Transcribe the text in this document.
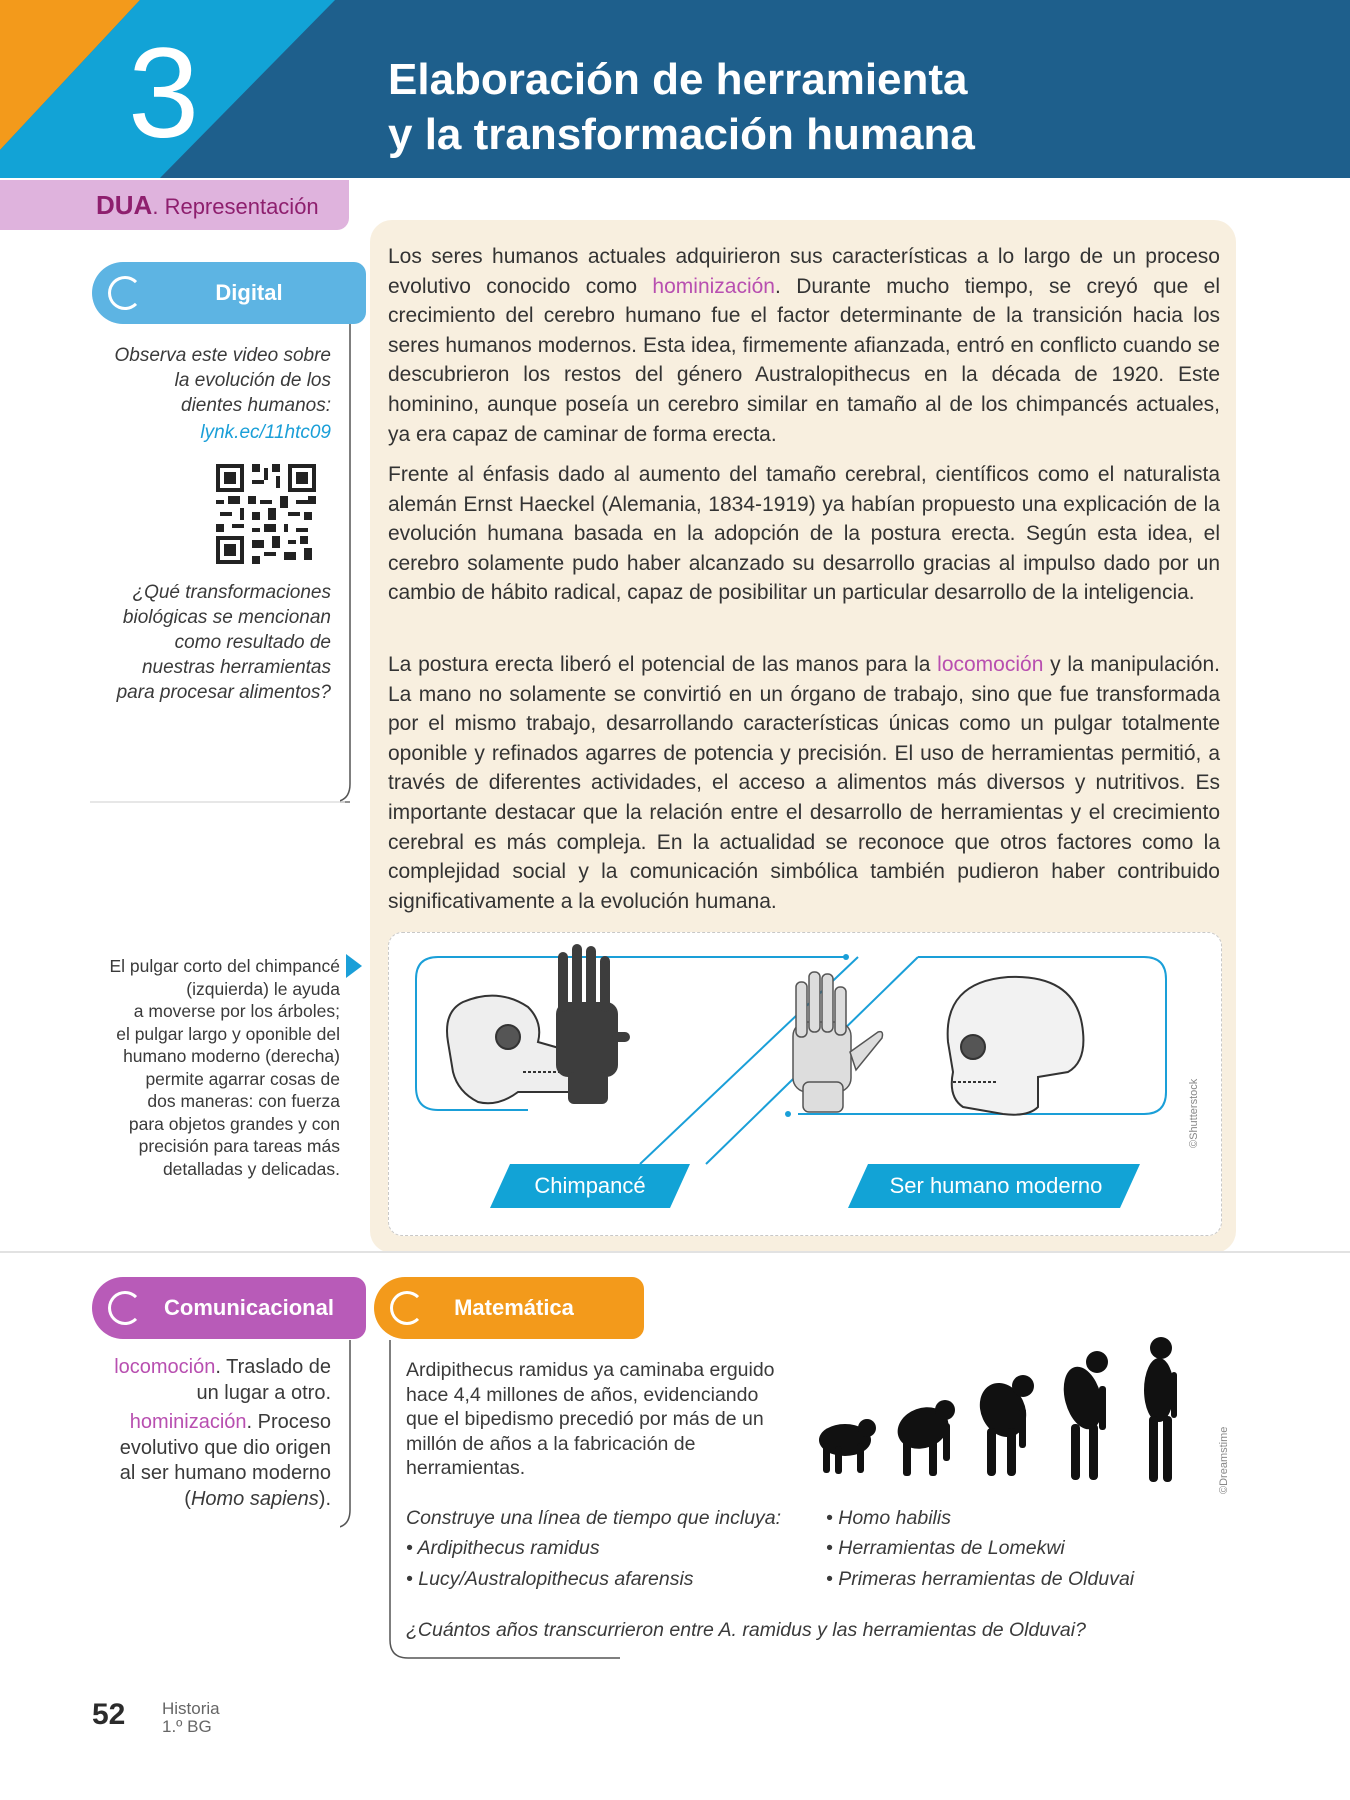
3	Elaboración de herramienta
y la transformación humana
DUA. Representación
Digital
Observa este video sobre
la evolución de los
dientes humanos:
lynk.ec/11htc09
¿Qué transformaciones
biológicas se mencionan
como resultado de
nuestras herramientas
para procesar alimentos?
Los seres humanos actuales adquirieron sus características a lo largo de un proceso evolutivo conocido como hominización. Durante mucho tiempo, se creyó que el crecimiento del cerebro humano fue el factor determinante de la transición hacia los seres humanos modernos. Esta idea, firmemente afianzada, entró en conflicto cuando se descubrieron los restos del género Australopithecus en la década de 1920. Este hominino, aunque poseía un cerebro similar en tamaño al de los chimpancés actuales, ya era capaz de caminar de forma erecta.
Frente al énfasis dado al aumento del tamaño cerebral, científicos como el naturalista alemán Ernst Haeckel (Alemania, 1834-1919) ya habían propuesto una explicación de la evolución humana basada en la adopción de la postura erecta. Según esta idea, el cerebro solamente pudo haber alcanzado su desarrollo gracias al impulso dado por un cambio de hábito radical, capaz de posibilitar un particular desarrollo de la inteligencia.
La postura erecta liberó el potencial de las manos para la locomoción y la manipulación. La mano no solamente se convirtió en un órgano de trabajo, sino que fue transformada por el mismo trabajo, desarrollando características únicas como un pulgar totalmente oponible y refinados agarres de potencia y precisión. El uso de herramientas permitió, a través de diferentes actividades, el acceso a alimentos más diversos y nutritivos. Es importante destacar que la relación entre el desarrollo de herramientas y el crecimiento cerebral es más compleja. En la actualidad se reconoce que otros factores como la complejidad social y la comunicación simbólica también pudieron haber contribuido significativamente a la evolución humana.
Chimpancé	Ser humano moderno
©Shutterstock
El pulgar corto del chimpancé
(izquierda) le ayuda
a moverse por los árboles;
el pulgar largo y oponible del
humano moderno (derecha)
permite agarrar cosas de
dos maneras: con fuerza
para objetos grandes y con
precisión para tareas más
detalladas y delicadas.
Comunicacional
locomoción. Traslado de
un lugar a otro.
hominización. Proceso
evolutivo que dio origen
al ser humano moderno
(Homo sapiens).
Matemática
Ardipithecus ramidus ya caminaba erguido
hace 4,4 millones de años, evidenciando
que el bipedismo precedió por más de un
millón de años a la fabricación de
herramientas.	©Dreamstime
Construye una línea de tiempo que incluya:
• Ardipithecus ramidus
• Lucy/Australopithecus afarensis
• Homo habilis
• Herramientas de Lomekwi
• Primeras herramientas de Olduvai
¿Cuántos años transcurrieron entre A. ramidus y las herramientas de Olduvai?
52 Historia
1.º BG
